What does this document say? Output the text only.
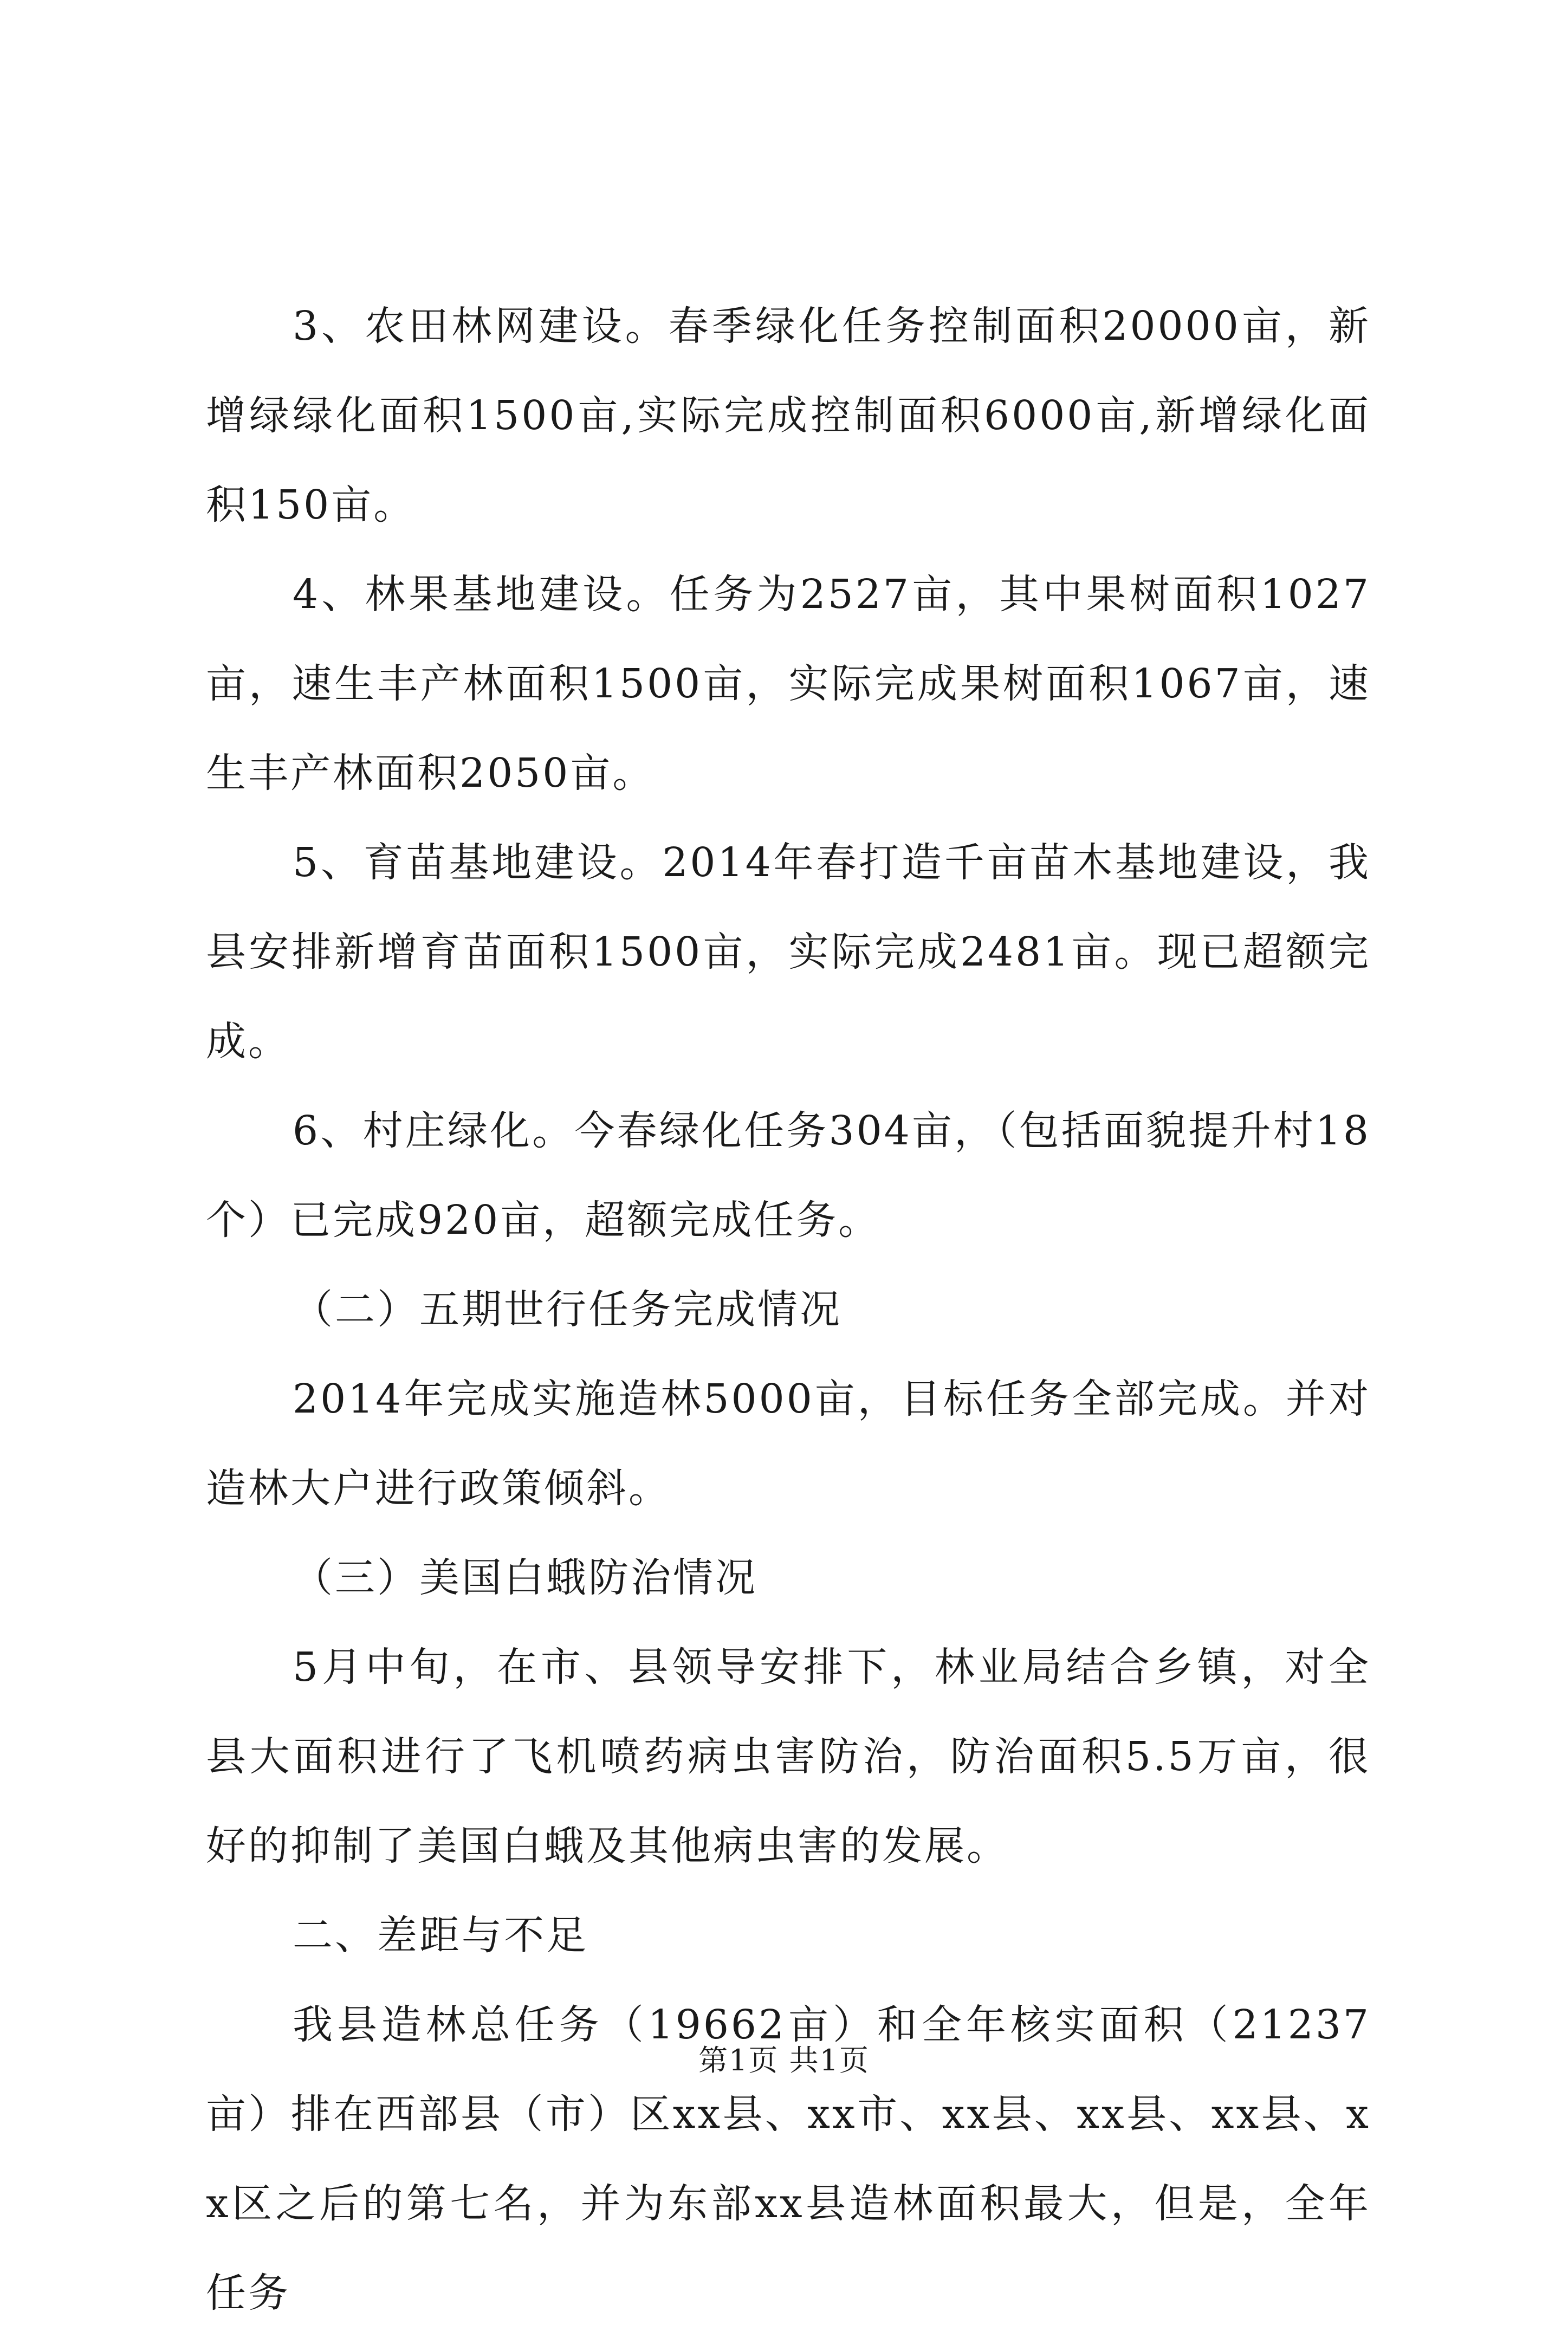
3、农田林网建设。春季绿化任务控制面积20000亩，新增绿绿化面积1500亩,实际完成控制面积6000亩,新增绿化面积150亩。

4、林果基地建设。任务为2527亩，其中果树面积1027亩，速生丰产林面积1500亩，实际完成果树面积1067亩，速生丰产林面积2050亩。

5、育苗基地建设。2014年春打造千亩苗木基地建设，我县安排新增育苗面积1500亩，实际完成2481亩。现已超额完成。

6、村庄绿化。今春绿化任务304亩，（包括面貌提升村18个）已完成920亩，超额完成任务。

（二）五期世行任务完成情况

2014年完成实施造林5000亩，目标任务全部完成。并对造林大户进行政策倾斜。

（三）美国白蛾防治情况

5月中旬，在市、县领导安排下，林业局结合乡镇，对全县大面积进行了飞机喷药病虫害防治，防治面积5.5万亩，很好的抑制了美国白蛾及其他病虫害的发展。

二、差距与不足

我县造林总任务（19662亩）和全年核实面积（21237亩）排在西部县（市）区xx县、xx市、xx县、xx县、xx县、xx区之后的第七名，并为东部xx县造林面积最大，但是，全年任务

第1页 共1页
